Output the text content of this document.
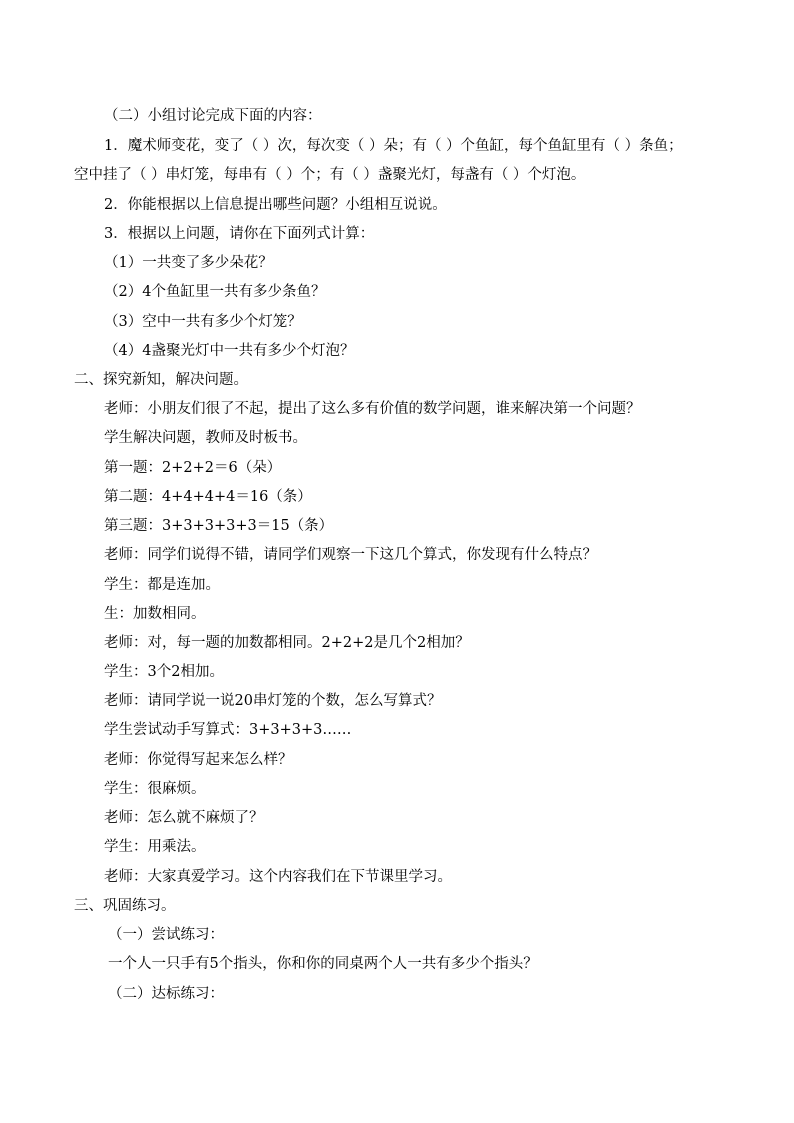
（二）小组讨论完成下面的内容：
1．魔术师变花，变了（ ）次，每次变（ ）朵；有（ ）个鱼缸，每个鱼缸里有（ ）条鱼；
空中挂了（ ）串灯笼，每串有（ ）个；有（ ）盏聚光灯，每盏有（ ）个灯泡。
2．你能根据以上信息提出哪些问题？小组相互说说。
3．根据以上问题，请你在下面列式计算：
（1）一共变了多少朵花？
（2）4个鱼缸里一共有多少条鱼？
（3）空中一共有多少个灯笼？
（4）4盏聚光灯中一共有多少个灯泡？
二、探究新知，解决问题。
老师：小朋友们很了不起，提出了这么多有价值的数学问题，谁来解决第一个问题？
学生解决问题，教师及时板书。
第一题：2+2+2＝6（朵）
第二题：4+4+4+4＝16（条）
第三题：3+3+3+3+3＝15（条）
老师：同学们说得不错，请同学们观察一下这几个算式，你发现有什么特点？
学生：都是连加。
生：加数相同。
老师：对，每一题的加数都相同。2+2+2是几个2相加？
学生：3个2相加。
老师：请同学说一说20串灯笼的个数，怎么写算式？
学生尝试动手写算式：3+3+3+3……
老师：你觉得写起来怎么样？
学生：很麻烦。
老师：怎么就不麻烦了？
学生：用乘法。
老师：大家真爱学习。这个内容我们在下节课里学习。
三、巩固练习。
（一）尝试练习：
一个人一只手有5个指头，你和你的同桌两个人一共有多少个指头？
（二）达标练习：
